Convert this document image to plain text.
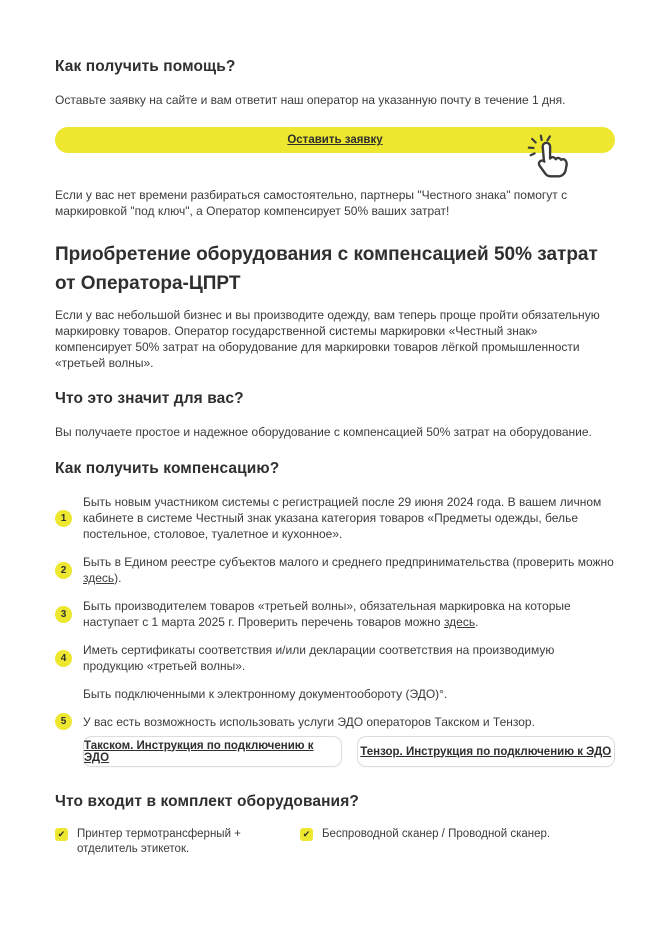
Как получить помощь?

Оставьте заявку на сайте и вам ответит наш оператор на указанную почту в течение 1 дня.

Оставить заявку

Если у вас нет времени разбираться самостоятельно, партнеры "Честного знака" помогут с маркировкой "под ключ", а Оператор компенсирует 50% ваших затрат!

Приобретение оборудования с компенсацией 50% затрат
от Оператора-ЦПРТ

Если у вас небольшой бизнес и вы производите одежду, вам теперь проще пройти обязательную маркировку товаров. Оператор государственной системы маркировки «Честный знак» компенсирует 50% затрат на оборудование для маркировки товаров лёгкой промышленности «третьей волны».

Что это значит для вас?

Вы получаете простое и надежное оборудование с компенсацией 50% затрат на оборудование.

Как получить компенсацию?
1

Быть новым участником системы с регистрацией после 29 июня 2024 года. В вашем личном кабинете в системе Честный знак указана категория товаров «Предметы одежды, белье постельное, столовое, туалетное и кухонное».

2

Быть в Едином реестре субъектов малого и среднего предпринимательства (проверить можно здесь).

3

Быть производителем товаров «третьей волны», обязательная маркировка на которые наступает с 1 марта 2025 г. Проверить перечень товаров можно здесь.

4

Иметь сертификаты соответствия и/или декларации соответствия на производимую продукцию «третьей волны».

Быть подключенными к электронному документообороту (ЭДО)°.

5	У вас есть возможность использовать услуги ЭДО операторов Такском и Тензор.

Такском. Инструкция по подключению к ЭДО	Тензор. Инструкция по подключению к ЭДО
Что входит в комплект оборудования?
✔ Принтер термотрансферный + отделитель этикеток.
✔ Беспроводной сканер / Проводной сканер.
